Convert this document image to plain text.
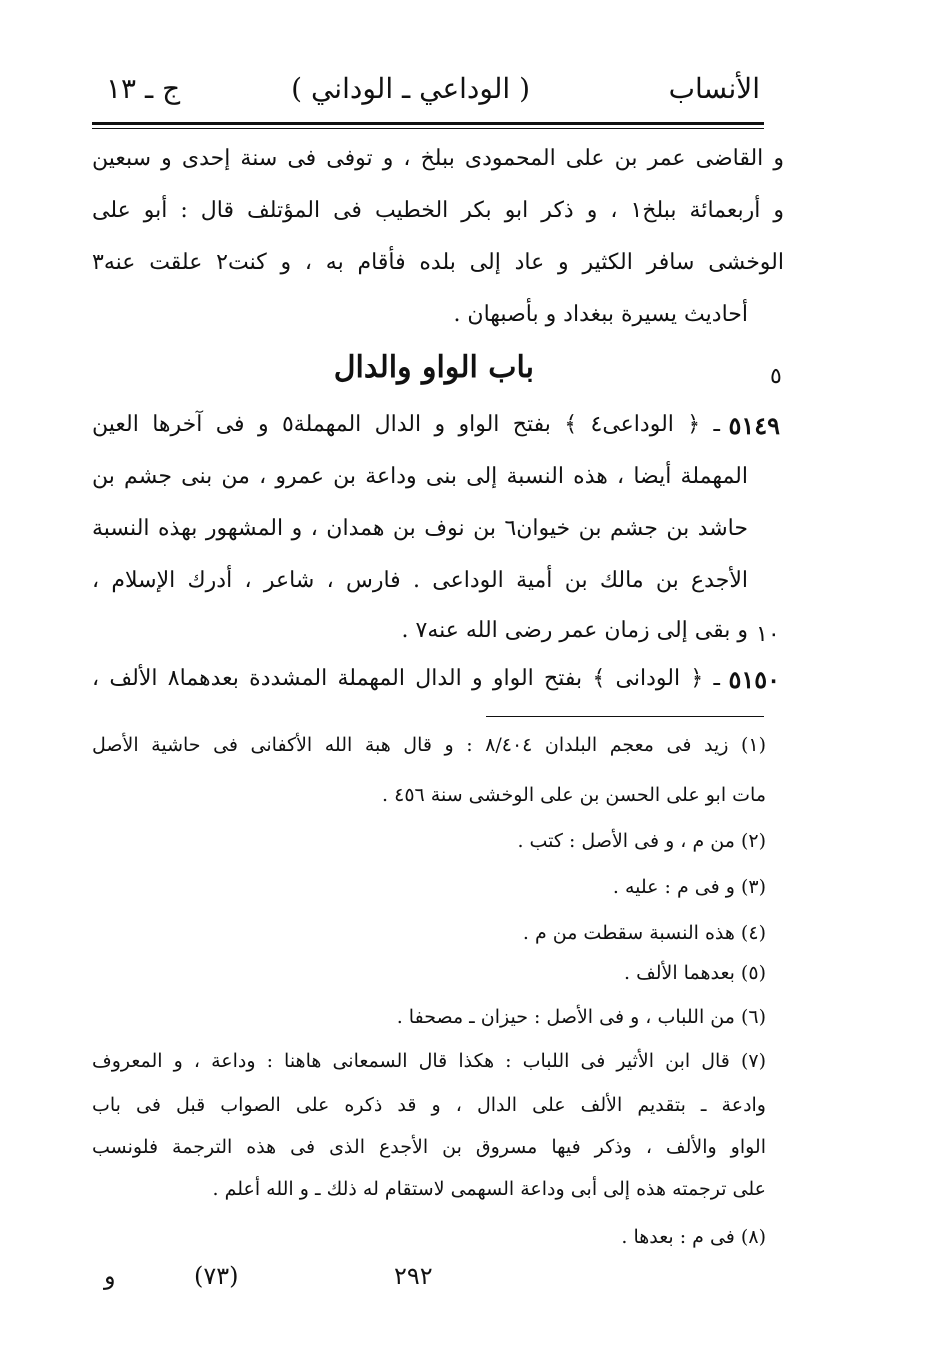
الأنساب
( الوداعي ـ الوداني )
ج ـ ١٣
و القاضى عمر بن على المحمودى ببلخ ، و توفى فى سنة إحدى و سبعين
و أربعمائة ببلخ١ ، و ذكر ابو بكر الخطيب فى المؤتلف قال : أبو على
الوخشى سافر الكثير و عاد إلى بلده فأقام به ، و كنت٢ علقت عنه٣
أحاديث يسيرة ببغداد و بأصبهان .
باب الواو والدال	٥
٥١٤٩
ـ ﴿ الوداعى٤ ﴾ بفتح الواو و الدال المهملة٥ و فى آخرها العين
المهملة أيضا ، هذه النسبة إلى بنى وداعة بن عمرو ، من بنى جشم بن
حاشد بن جشم بن خيوان٦ بن نوف بن همدان ، و المشهور بهذه النسبة
الأجدع بن مالك بن أمية الوداعى . فارس ، شاعر ، أدرك الإسلام ،
و بقى إلى زمان عمر رضى الله عنه٧ . ١٠
٥١٥٠
ـ ﴿ الودانى ﴾ بفتح الواو و الدال المهملة المشددة بعدهما٨ الألف ،
(١) زيد فى معجم البلدان ٨/٤٠٤ : و قال هبة الله الأكفانى فى حاشية الأصل
مات ابو على الحسن بن على الوخشى سنة ٤٥٦ .
(٢) من م ، و فى الأصل : كتب .
(٣) و فى م : عليه .
(٤) هذه النسبة سقطت من م .
(٥) بعدهما الألف .
(٦) من اللباب ، و فى الأصل : حيزان ـ مصحفا .
(٧) قال ابن الأثير فى اللباب : هكذا قال السمعانى هاهنا : وداعة ، و المعروف
وادعة ـ بتقديم الألف على الدال ، و قد ذكره على الصواب قبل فى باب
الواو والألف ، وذكر فيها مسروق بن الأجدع الذى فى هذه الترجمة فلونسب
على ترجمته هذه إلى أبى وداعة السهمى لاستقام له ذلك ـ و الله أعلم .
(٨) فى م : بعدها .
٢٩٢
(٧٣)
و
